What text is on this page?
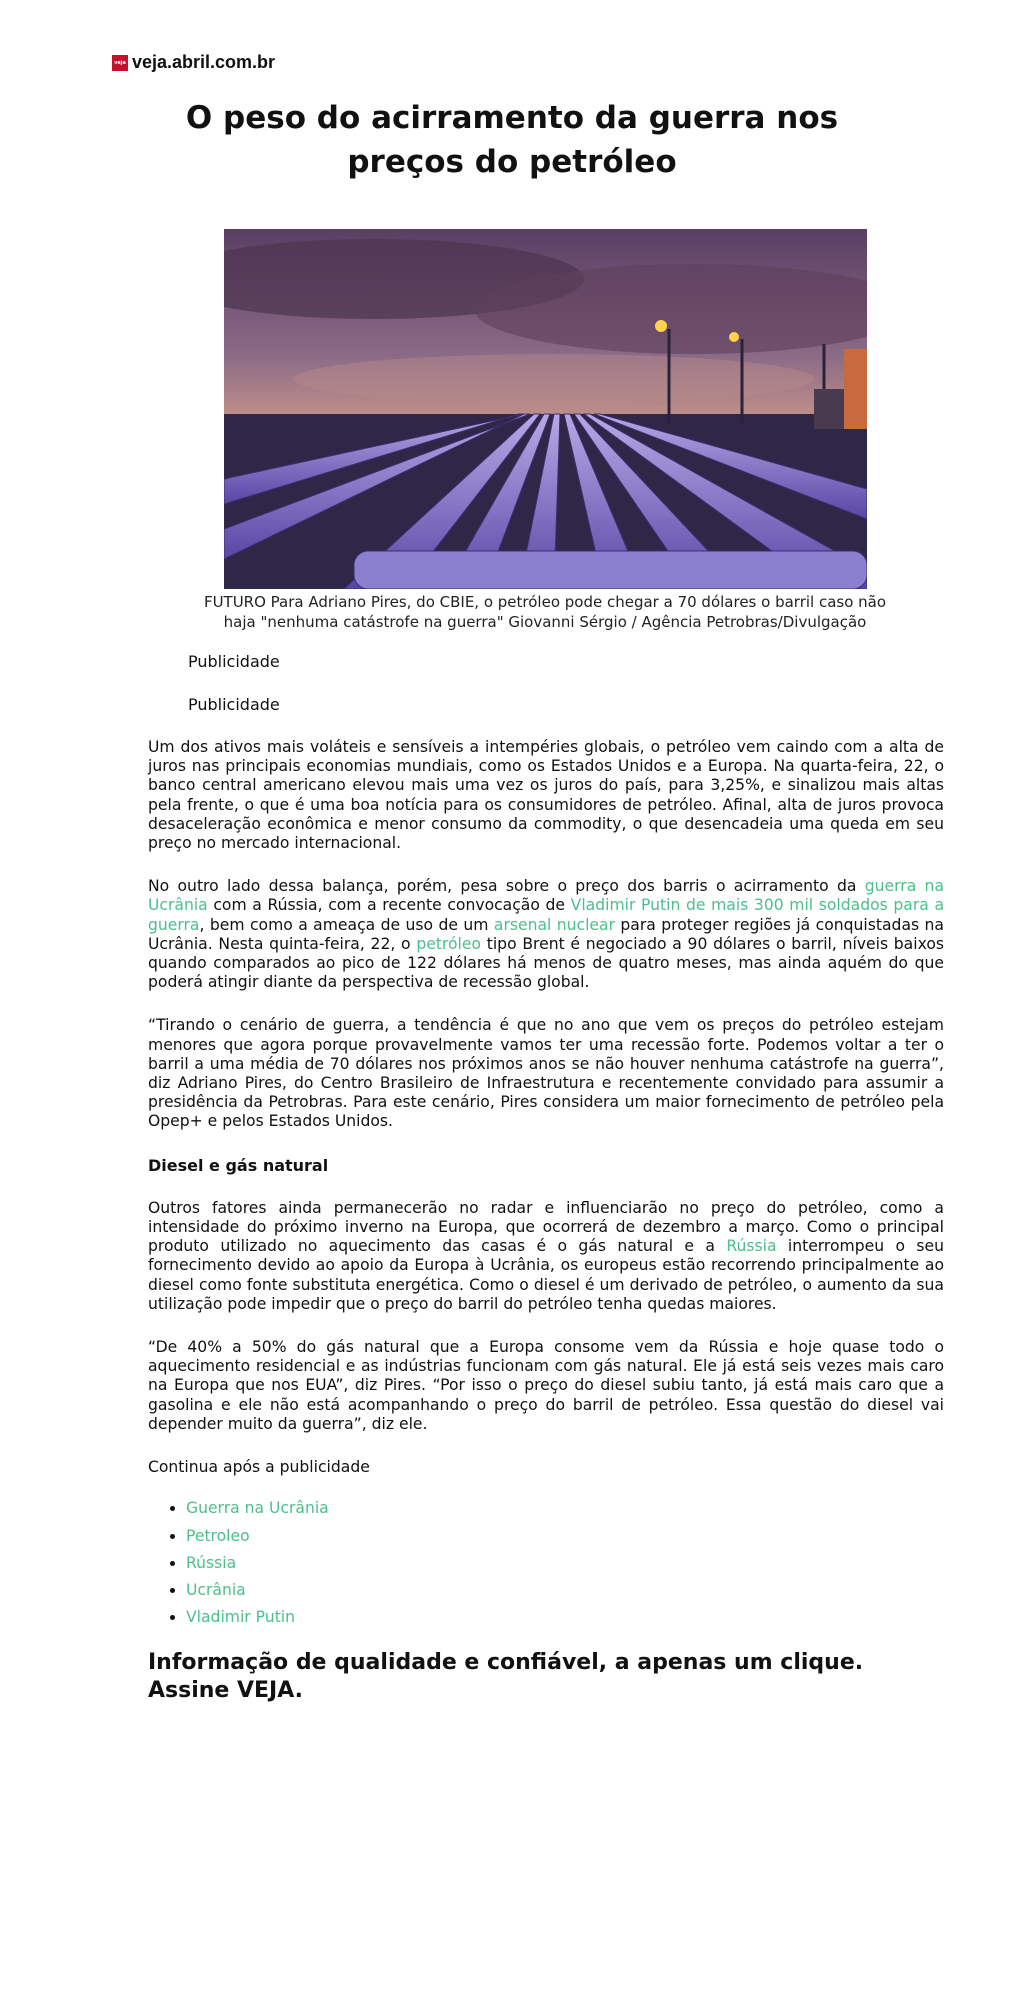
veja veja.abril.com.br
O peso do acirramento da guerra nos preços do petróleo
FUTURO Para Adriano Pires, do CBIE, o petróleo pode chegar a 70 dólares o barril caso não haja "nenhuma catástrofe na guerra" Giovanni Sérgio / Agência Petrobras/Divulgação
Publicidade
Publicidade

Um dos ativos mais voláteis e sensíveis a intempéries globais, o petróleo vem caindo com a alta de juros nas principais economias mundiais, como os Estados Unidos e a Europa. Na quarta-feira, 22, o banco central americano elevou mais uma vez os juros do país, para 3,25%, e sinalizou mais altas pela frente, o que é uma boa notícia para os consumidores de petróleo. Afinal, alta de juros provoca desaceleração econômica e menor consumo da commodity, o que desencadeia uma queda em seu preço no mercado internacional.

No outro lado dessa balança, porém, pesa sobre o preço dos barris o acirramento da guerra na Ucrânia com a Rússia, com a recente convocação de Vladimir Putin de mais 300 mil soldados para a guerra, bem como a ameaça de uso de um arsenal nuclear para proteger regiões já conquistadas na Ucrânia. Nesta quinta-feira, 22, o petróleo tipo Brent é negociado a 90 dólares o barril, níveis baixos quando comparados ao pico de 122 dólares há menos de quatro meses, mas ainda aquém do que poderá atingir diante da perspectiva de recessão global.

“Tirando o cenário de guerra, a tendência é que no ano que vem os preços do petróleo estejam menores que agora porque provavelmente vamos ter uma recessão forte. Podemos voltar a ter o barril a uma média de 70 dólares nos próximos anos se não houver nenhuma catástrofe na guerra”, diz Adriano Pires, do Centro Brasileiro de Infraestrutura e recentemente convidado para assumir a presidência da Petrobras. Para este cenário, Pires considera um maior fornecimento de petróleo pela Opep+ e pelos Estados Unidos.

Diesel e gás natural

Outros fatores ainda permanecerão no radar e influenciarão no preço do petróleo, como a intensidade do próximo inverno na Europa, que ocorrerá de dezembro a março. Como o principal produto utilizado no aquecimento das casas é o gás natural e a Rússia interrompeu o seu fornecimento devido ao apoio da Europa à Ucrânia, os europeus estão recorrendo principalmente ao diesel como fonte substituta energética. Como o diesel é um derivado de petróleo, o aumento da sua utilização pode impedir que o preço do barril do petróleo tenha quedas maiores.

“De 40% a 50% do gás natural que a Europa consome vem da Rússia e hoje quase todo o aquecimento residencial e as indústrias funcionam com gás natural. Ele já está seis vezes mais caro na Europa que nos EUA”, diz Pires. “Por isso o preço do diesel subiu tanto, já está mais caro que a gasolina e ele não está acompanhando o preço do barril de petróleo. Essa questão do diesel vai depender muito da guerra”, diz ele.

Continua após a publicidade
• Guerra na Ucrânia
• Petroleo
• Rússia
• Ucrânia
• Vladimir Putin

Informação de qualidade e confiável, a apenas um clique. Assine VEJA.
